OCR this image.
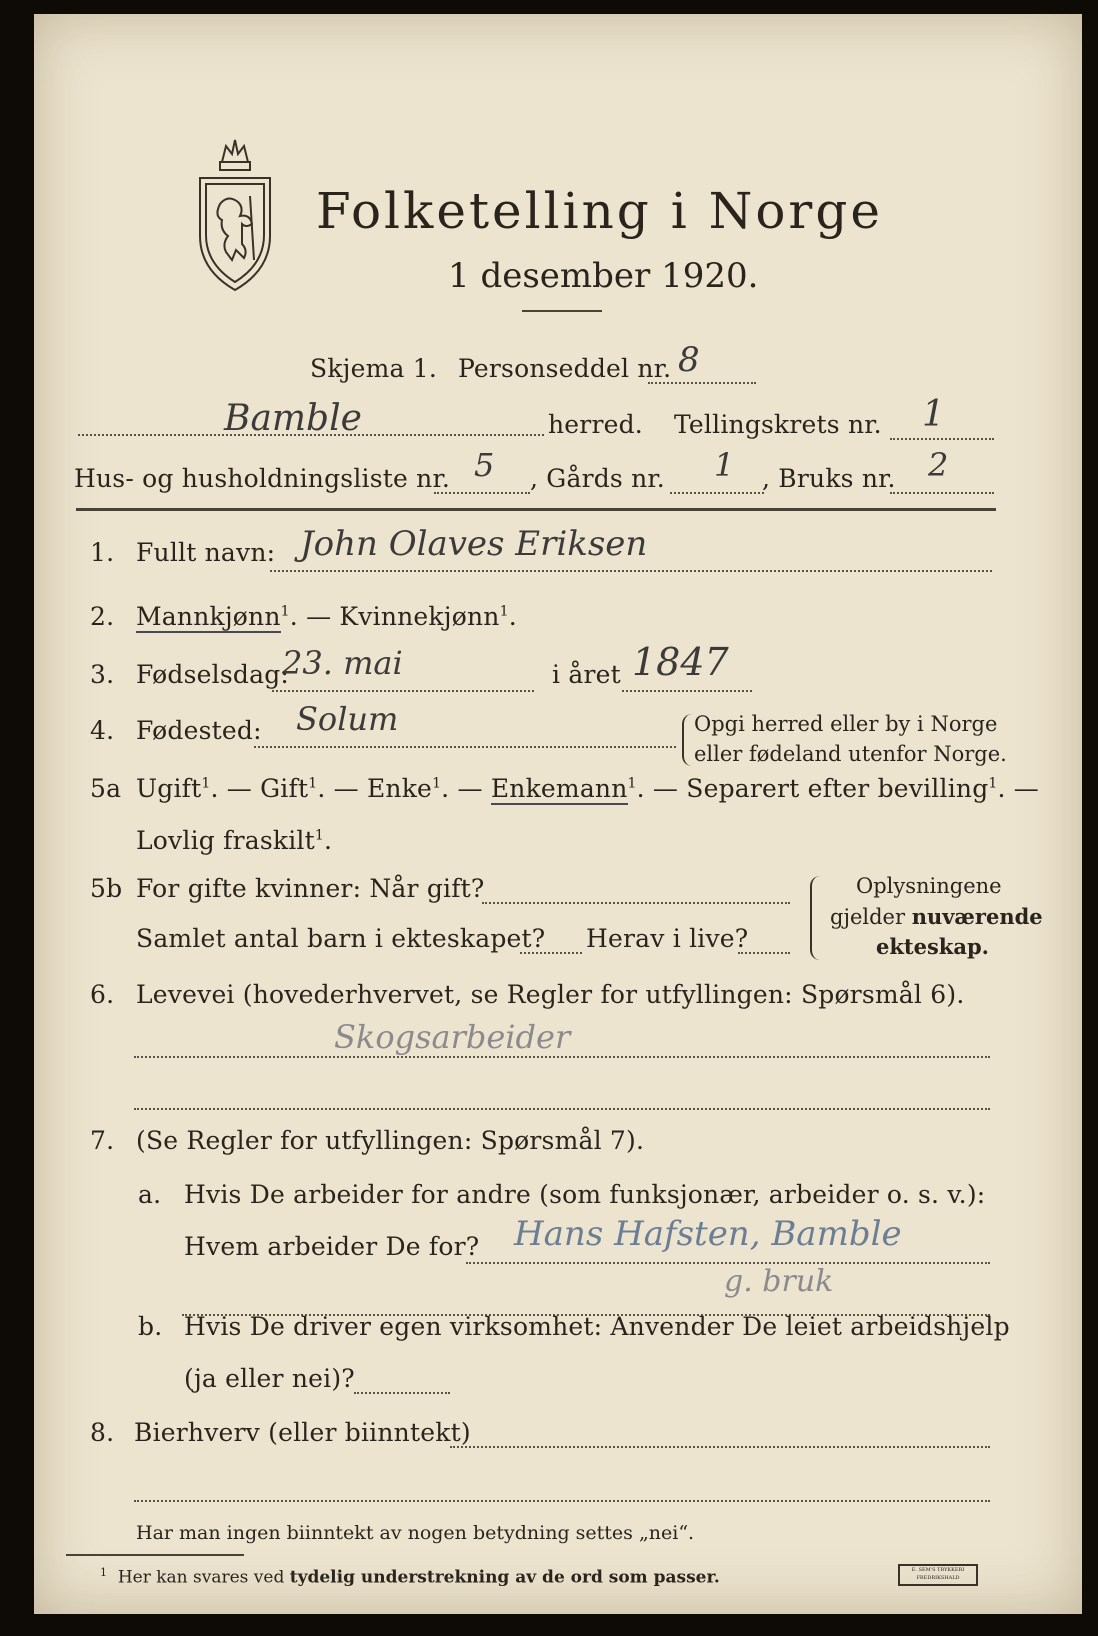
Folketelling i Norge
1 desember 1920.
Skjema 1. Personseddel nr. 8
Bamble	herred. Tellingskrets nr. 1
Hus- og husholdningsliste nr. 5 , Gårds nr. 1 , Bruks nr. 2
1. Fullt navn: John Olaves Eriksen
2. Mannkjønn$^1$. — Kvinnekjønn$^1$.
3. Fødselsdag:
23. mai	i året 1847
4. Fødested: Solum	Opgi herred eller by i Norge
eller fødeland utenfor Norge.
5a Ugift$^1$. — Gift$^1$. — Enke$^1$. — Enkemann$^1$. — Separert efter bevilling$^1$. —
Lovlig fraskilt$^1$.
5b For gifte kvinner: Når gift?
Samlet antal barn i ekteskapet? Herav i live?
Oplysningene
gjelder nuværende
ekteskap.
6. Levevei (hovederhvervet, se Regler for utfyllingen: Spørsmål 6).
Skogsarbeider
7. (Se Regler for utfyllingen: Spørsmål 7).
a. Hvis De arbeider for andre (som funksjonær, arbeider o. s. v.):
Hvem arbeider De for? Hans Hafsten, Bamble
g. bruk
b. Hvis De driver egen virksomhet: Anvender De leiet arbeidshjelp
(ja eller nei)?
8. Bierhverv (eller biinntekt)
Har man ingen biinntekt av nogen betydning settes „nei“.
$^1$ Her kan svares ved tydelig understrekning av de ord som passer.	E. SEM'S TRYKKERI FREDRIKSHALD
